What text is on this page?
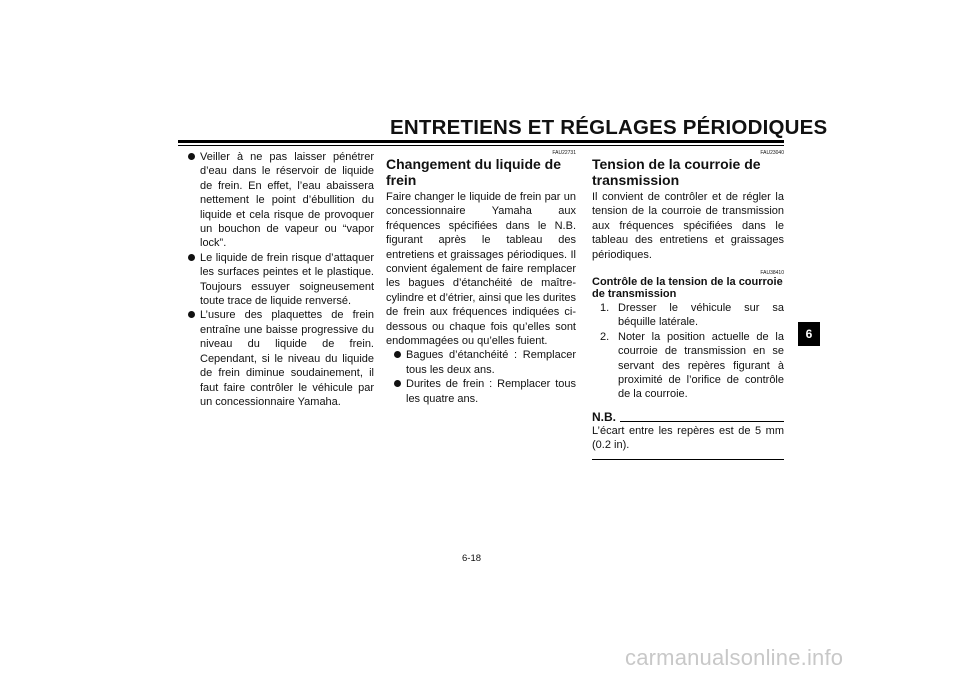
ENTRETIENS ET RÉGLAGES PÉRIODIQUES

Veiller à ne pas laisser pénétrer d’eau dans le réservoir de liquide de frein. En effet, l’eau abaissera nettement le point d’ébullition du liquide et cela risque de provoquer un bouchon de vapeur ou “vapor lock”.

Le liquide de frein risque d’attaquer les surfaces peintes et le plastique. Toujours essuyer soigneusement toute trace de liquide renversé.

L’usure des plaquettes de frein entraîne une baisse progressive du niveau du liquide de frein. Cependant, si le niveau du liquide de frein diminue soudainement, il faut faire contrôler le véhicule par un concessionnaire Yamaha.

FAU22731

Changement du liquide de frein

Faire changer le liquide de frein par un concessionnaire Yamaha aux fréquences spécifiées dans le N.B. figurant après le tableau des entretiens et graissages périodiques. Il convient également de faire remplacer les bagues d’étanchéité de maître-cylindre et d’étrier, ainsi que les durites de frein aux fréquences indiquées ci-dessous ou chaque fois qu’elles sont endommagées ou qu’elles fuient.

Bagues d’étanchéité : Remplacer tous les deux ans.

Durites de frein : Remplacer tous les quatre ans.

FAU23040

Tension de la courroie de transmission

Il convient de contrôler et de régler la tension de la courroie de transmission aux fréquences spécifiées dans le tableau des entretiens et graissages périodiques.

FAU38410

Contrôle de la tension de la courroie de transmission

1. Dresser le véhicule sur sa béquille latérale.

2. Noter la position actuelle de la courroie de transmission en se servant des repères figurant à proximité de l’orifice de contrôle de la courroie.

N.B.

L’écart entre les repères est de 5 mm (0.2 in).

6
6-18
carmanualsonline.info
